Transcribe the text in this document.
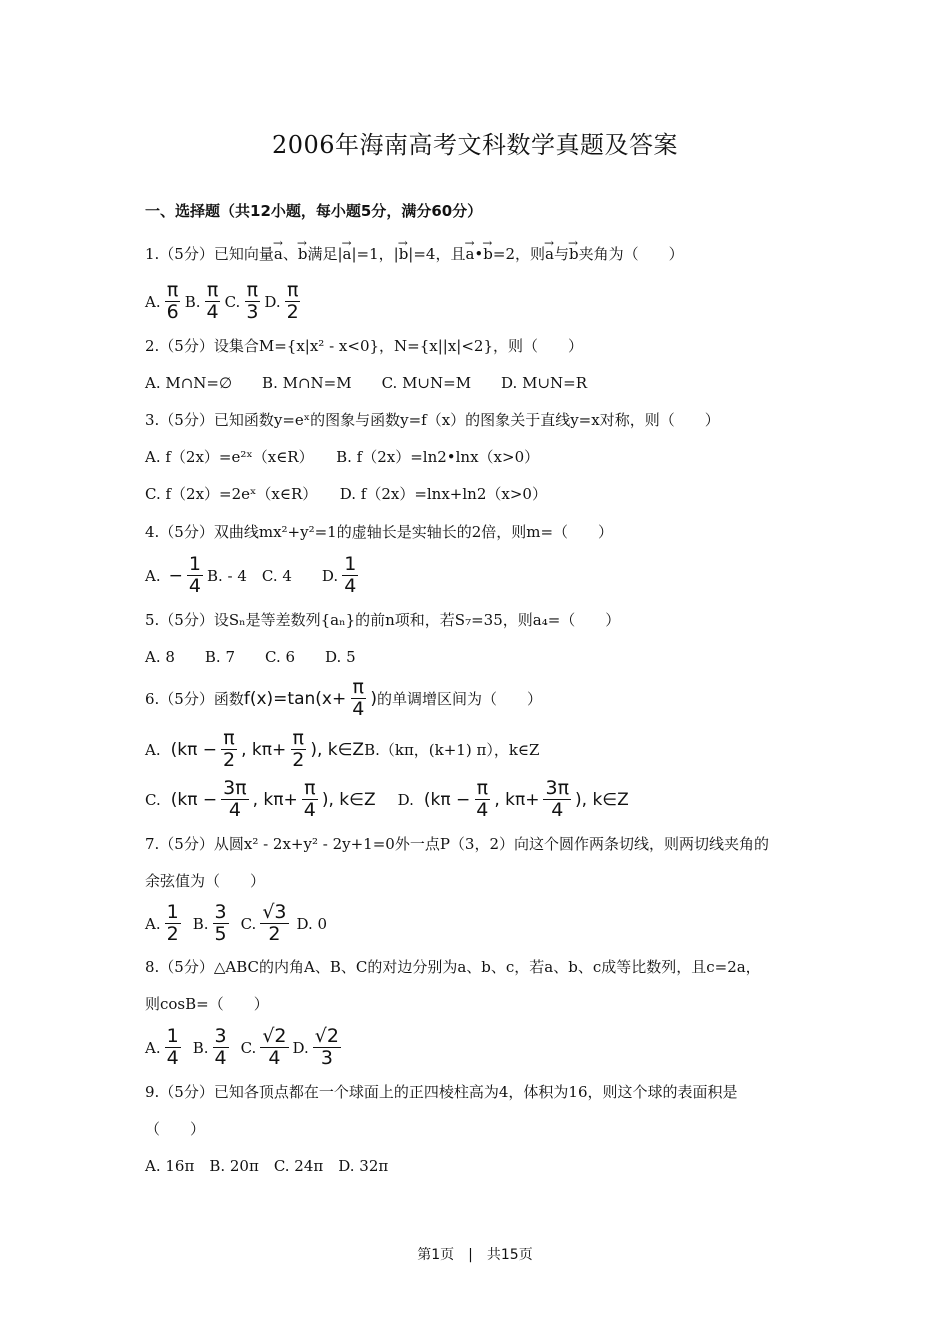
2006年海南高考文科数学真题及答案
一、选择题（共12小题，每小题5分，满分60分）
1.（5分）已知向量→ a、→ b满足|→ a|=1，|→ b|=4，且→ a•→ b=2，则→ a与→ b夹角为（　　）
A. $\frac{\pi}{6} B$. $\frac{\pi}{4} C$. $\frac{\pi}{3} D$. $\frac{\pi}{2}$
2.（5分）设集合M={x|x² - x<0}，N={x||x|<2}，则（　　）
A. M∩N=∅　　B. M∩N=M　　C. M∪N=M　　D. M∪N=R
3.（5分）已知函数y=eˣ的图象与函数y=f（x）的图象关于直线y=x对称，则（　　）
A. f（2x）=e²ˣ（x∈R）　　B. f（2x）=ln2•lnx（x>0）
C. f（2x）=2eˣ（x∈R）　　D. f（2x）=lnx+ln2（x>0）
4.（5分）双曲线mx²+y²=1的虚轴长是实轴长的2倍，则m=（　　）
A. − $\frac{1}{4} B$. - 4　C. 4　　D. $\frac{1}{4}$
5.（5分）设Sₙ是等差数列{aₙ}的前n项和，若S₇=35，则a₄=（　　）
A. 8　　B. 7　　C. 6　　D. 5
6.（5分）函数 $f(x)=\tan(x+ \frac{\pi}{4}$ ) 的单调增区间为（　　）
A. ($k\pi - \frac{\pi}{2}$ , $k\pi+ \frac{\pi}{2}$ ), k∈Z B.（kπ，(k+1) π），k∈Z
C. ($k\pi - \frac{3\pi}{4}$ , $k\pi+ \frac{\pi}{4}$ ), k∈Z D. ($k\pi - \frac{\pi}{4}$ , $k\pi+ \frac{3\pi}{4}$ ), k∈Z
7.（5分）从圆x² - 2x+y² - 2y+1=0外一点P（3，2）向这个圆作两条切线，则两切线夹角的
余弦值为（　　）
A. $\frac{1}{2} B$. $\frac{3}{5} C$. $\frac{√3}{2} D$. 0
8.（5分）△ABC的内角A、B、C的对边分别为a、b、c，若a、b、c成等比数列，且c=2a，
则cosB=（　　）
A. $\frac{1}{4} B$. $\frac{3}{4} C$. $\frac{√2}{4} D$. $\frac{√2}{3}$
9.（5分）已知各顶点都在一个球面上的正四棱柱高为4，体积为16，则这个球的表面积是
（　　）
A. 16π　B. 20π　C. 24π　D. 32π
第1页　|　共15页
